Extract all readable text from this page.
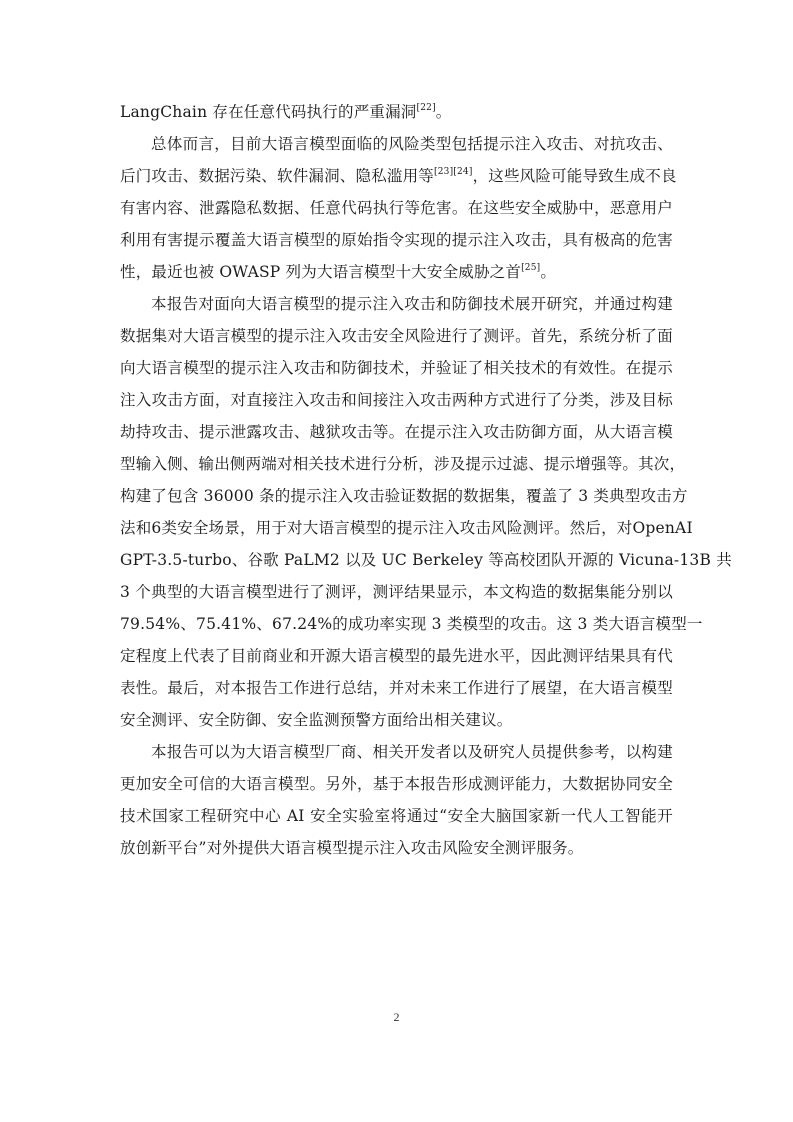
LangChain 存在任意代码执行的严重漏洞[22]。
总体而言，目前大语言模型面临的风险类型包括提示注入攻击、对抗攻击、
后门攻击、数据污染、软件漏洞、隐私滥用等[23][24]，这些风险可能导致生成不良
有害内容、泄露隐私数据、任意代码执行等危害。在这些安全威胁中，恶意用户
利用有害提示覆盖大语言模型的原始指令实现的提示注入攻击，具有极高的危害
性，最近也被 OWASP 列为大语言模型十大安全威胁之首[25]。
本报告对面向大语言模型的提示注入攻击和防御技术展开研究，并通过构建
数据集对大语言模型的提示注入攻击安全风险进行了测评。首先，系统分析了面
向大语言模型的提示注入攻击和防御技术，并验证了相关技术的有效性。在提示
注入攻击方面，对直接注入攻击和间接注入攻击两种方式进行了分类，涉及目标
劫持攻击、提示泄露攻击、越狱攻击等。在提示注入攻击防御方面，从大语言模
型输入侧、输出侧两端对相关技术进行分析，涉及提示过滤、提示增强等。其次，
构建了包含 36000 条的提示注入攻击验证数据的数据集，覆盖了 3 类典型攻击方
法和6类安全场景，用于对大语言模型的提示注入攻击风险测评。然后，对OpenAI
GPT-3.5-turbo、谷歌 PaLM2 以及 UC Berkeley 等高校团队开源的 Vicuna-13B 共
3 个典型的大语言模型进行了测评，测评结果显示，本文构造的数据集能分别以
79.54%、75.41%、67.24%的成功率实现 3 类模型的攻击。这 3 类大语言模型一
定程度上代表了目前商业和开源大语言模型的最先进水平，因此测评结果具有代
表性。最后，对本报告工作进行总结，并对未来工作进行了展望，在大语言模型
安全测评、安全防御、安全监测预警方面给出相关建议。
本报告可以为大语言模型厂商、相关开发者以及研究人员提供参考，以构建
更加安全可信的大语言模型。另外，基于本报告形成测评能力，大数据协同安全
技术国家工程研究中心 AI 安全实验室将通过“安全大脑国家新一代人工智能开
放创新平台”对外提供大语言模型提示注入攻击风险安全测评服务。
2
